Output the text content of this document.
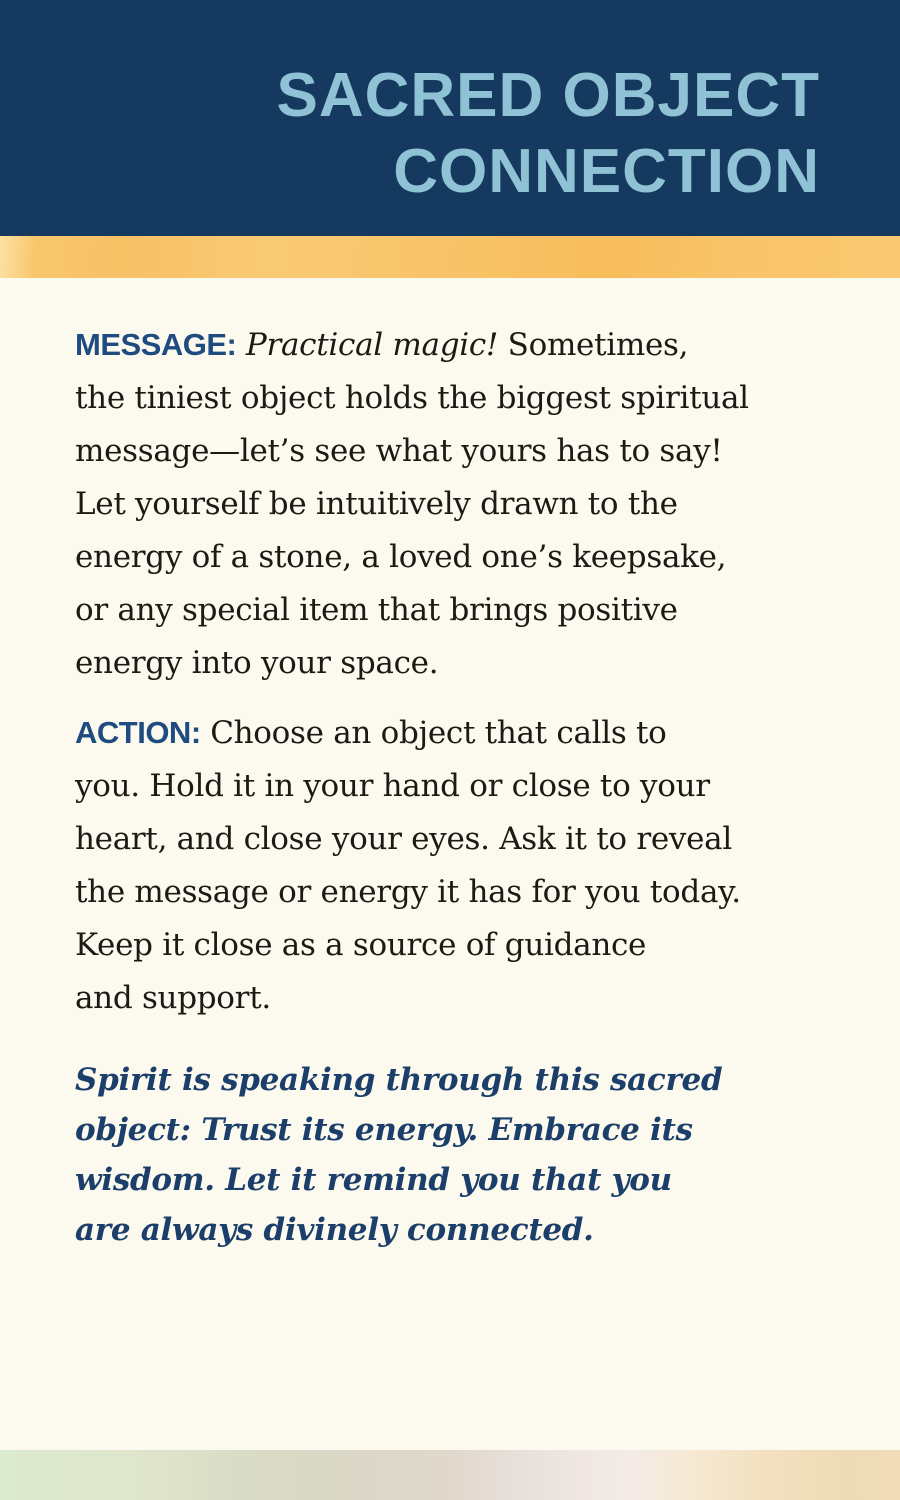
SACRED OBJECT
CONNECTION
MESSAGE: Practical magic! Sometimes,
the tiniest object holds the biggest spiritual
message—let’s see what yours has to say!
Let yourself be intuitively drawn to the
energy of a stone, a loved one’s keepsake,
or any special item that brings positive
energy into your space.
ACTION: Choose an object that calls to
you. Hold it in your hand or close to your
heart, and close your eyes. Ask it to reveal
the message or energy it has for you today.
Keep it close as a source of guidance
and support.
Spirit is speaking through this sacred
object: Trust its energy. Embrace its
wisdom. Let it remind you that you
are always divinely connected.
